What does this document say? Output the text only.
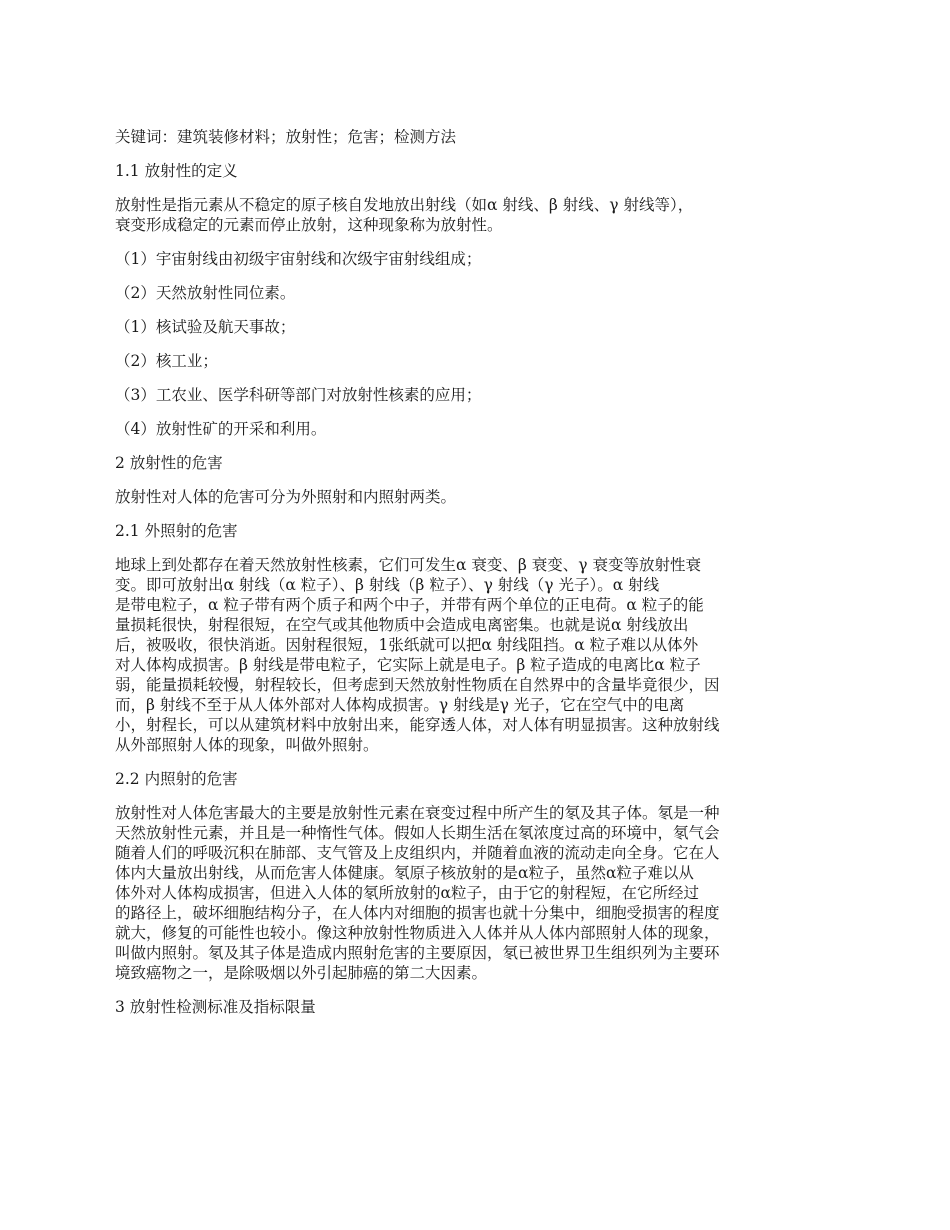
关键词：建筑装修材料；放射性；危害；检测方法

1.1 放射性的定义

放射性是指元素从不稳定的原子核自发地放出射线（如α 射线、β 射线、γ 射线等），
衰变形成稳定的元素而停止放射，这种现象称为放射性。

（1）宇宙射线由初级宇宙射线和次级宇宙射线组成；

（2）天然放射性同位素。

（1）核试验及航天事故；

（2）核工业；

（3）工农业、医学科研等部门对放射性核素的应用；

（4）放射性矿的开采和利用。

2 放射性的危害

放射性对人体的危害可分为外照射和内照射两类。

2.1 外照射的危害

地球上到处都存在着天然放射性核素，它们可发生α 衰变、β 衰变、γ 衰变等放射性衰
变。即可放射出α 射线（α 粒子）、β 射线（β 粒子）、γ 射线（γ 光子）。α 射线
是带电粒子，α 粒子带有两个质子和两个中子，并带有两个单位的正电荷。α 粒子的能
量损耗很快，射程很短，在空气或其他物质中会造成电离密集。也就是说α 射线放出
后，被吸收，很快消逝。因射程很短，1张纸就可以把α 射线阻挡。α 粒子难以从体外
对人体构成损害。β 射线是带电粒子，它实际上就是电子。β 粒子造成的电离比α 粒子
弱，能量损耗较慢，射程较长，但考虑到天然放射性物质在自然界中的含量毕竟很少，因
而，β 射线不至于从人体外部对人体构成损害。γ 射线是γ 光子，它在空气中的电离
小，射程长，可以从建筑材料中放射出来，能穿透人体，对人体有明显损害。这种放射线
从外部照射人体的现象，叫做外照射。

2.2 内照射的危害

放射性对人体危害最大的主要是放射性元素在衰变过程中所产生的氡及其子体。氡是一种
天然放射性元素，并且是一种惰性气体。假如人长期生活在氡浓度过高的环境中，氡气会
随着人们的呼吸沉积在肺部、支气管及上皮组织内，并随着血液的流动走向全身。它在人
体内大量放出射线，从而危害人体健康。氡原子核放射的是α粒子，虽然α粒子难以从
体外对人体构成损害，但进入人体的氡所放射的α粒子，由于它的射程短，在它所经过
的路径上，破坏细胞结构分子，在人体内对细胞的损害也就十分集中，细胞受损害的程度
就大，修复的可能性也较小。像这种放射性物质进入人体并从人体内部照射人体的现象，
叫做内照射。氡及其子体是造成内照射危害的主要原因，氡已被世界卫生组织列为主要环
境致癌物之一，是除吸烟以外引起肺癌的第二大因素。

3 放射性检测标准及指标限量
